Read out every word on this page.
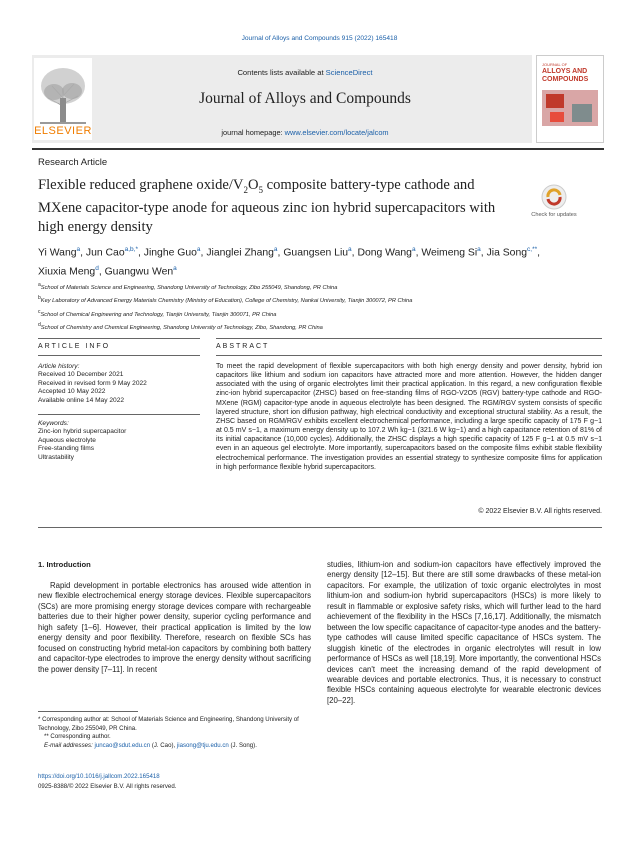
Journal of Alloys and Compounds 915 (2022) 165418
ELSEVIER
Contents lists available at ScienceDirect
Journal of Alloys and Compounds
journal homepage: www.elsevier.com/locate/jalcom
JOURNAL OF
ALLOYS AND
COMPOUNDS
Research Article
Flexible reduced graphene oxide/$V_2O_5$ composite battery-type cathode and MXene capacitor-type anode for aqueous zinc ion hybrid supercapacitors with high energy density
Check for updates
Yi Wang$^a$, Jun Cao$^{a,b,*}$, Jinghe Guo$^a$, Jianglei Zhang$^a$, Guangsen Liu$^a$, Dong Wang$^a$, Weimeng Si$^a$, Jia Song$^{c,**}$, Xiuxia Meng$^d$, Guangwu Wen$^a$
aSchool of Materials Science and Engineering, Shandong University of Technology, Zibo 255049, Shandong, PR China
bKey Laboratory of Advanced Energy Materials Chemistry (Ministry of Education), College of Chemistry, Nankai University, Tianjin 300072, PR China
cSchool of Chemical Engineering and Technology, Tianjin University, Tianjin 300071, PR China
dSchool of Chemistry and Chemical Engineering, Shandong University of Technology, Zibo, Shandong, PR China
ARTICLE INFO	ABSTRACT
Article history:
Received 10 December 2021
Received in revised form 9 May 2022
Accepted 10 May 2022
Available online 14 May 2022
Keywords:
Zinc-ion hybrid supercapacitor
Aqueous electrolyte
Free-standing films
Ultrastability
To meet the rapid development of flexible supercapacitors with both high energy density and power density, hybrid ion capacitors like lithium and sodium ion capacitors have attracted more and more attention. However, the hidden danger associated with the using of organic electrolytes limit their practical application. In this regard, a new configuration flexible zinc-ion hybrid supercapacitor (ZHSC) based on free-standing films of RGO-V2O5 (RGV) battery-type cathode and RGO-MXene (RGM) capacitor-type anode in aqueous electrolyte has been designed. The RGM/RGV system consists of specific layered structure, short ion diffusion pathway, high electrical conductivity and exceptional structural stability. As a result, the ZHSC based on RGM/RGV exhibits excellent electrochemical performance, including a large specific capacity of 175 F g−1 at 0.5 mV s−1, a maximum energy density up to 107.2 Wh kg−1 (321.6 W kg−1) and a high capacitance retention of 81% of its initial capacitance (10,000 cycles). Additionally, the ZHSC displays a high specific capacity of 125 F g−1 at 0.5 mV s−1 even in an aqueous gel electrolyte. More importantly, supercapacitors based on the composite films exhibit stable flexibility electrochemical performance. The investigation provides an essential strategy to synthesize composite films for application in high performance flexible hybrid supercapacitors.
© 2022 Elsevier B.V. All rights reserved.
1. Introduction
Rapid development in portable electronics has aroused wide attention in new flexible electrochemical energy storage devices. Flexible supercapacitors (SCs) are more promising energy storage devices compare with rechargeable batteries due to their higher power density, superior cycling performance and high safety [1–6]. However, their practical application is limited by the low energy density and poor flexibility. Therefore, research on flexible SCs has focused on constructing hybrid metal-ion capacitors by combining both battery and capacitor-type electrodes to improve the energy density without sacrificing the power density [7–11]. In recent
studies, lithium-ion and sodium-ion capacitors have effectively improved the energy density [12–15]. But there are still some drawbacks of these metal-ion capacitors. For example, the utilization of toxic organic electrolytes in most lithium-ion and sodium-ion hybrid supercapacitors (HSCs) is more likely to result in flammable or explosive safety risks, which will further lead to the hard achievement of the flexibility in the HSCs [7,16,17]. Additionally, the mismatch between the low specific capacitance of capacitor-type anodes and the battery-type cathodes will cause limited specific capacitance of HSCs system. The sluggish kinetic of the electrodes in organic electrolytes will result in low performance of HSCs as well [18,19]. More importantly, the conventional HSCs devices can't meet the increasing demand of the rapid development of wearable devices and portable electronics. Thus, it is necessary to construct flexible HSCs containing aqueous electrolyte for wearable electronic devices [20–22].
* Corresponding author at: School of Materials Science and Engineering, Shandong University of Technology, Zibo 255049, PR China.
** Corresponding author.
E-mail addresses: juncao@sdut.edu.cn (J. Cao), jiasong@tju.edu.cn (J. Song).
https://doi.org/10.1016/j.jallcom.2022.165418
0925-8388/© 2022 Elsevier B.V. All rights reserved.
